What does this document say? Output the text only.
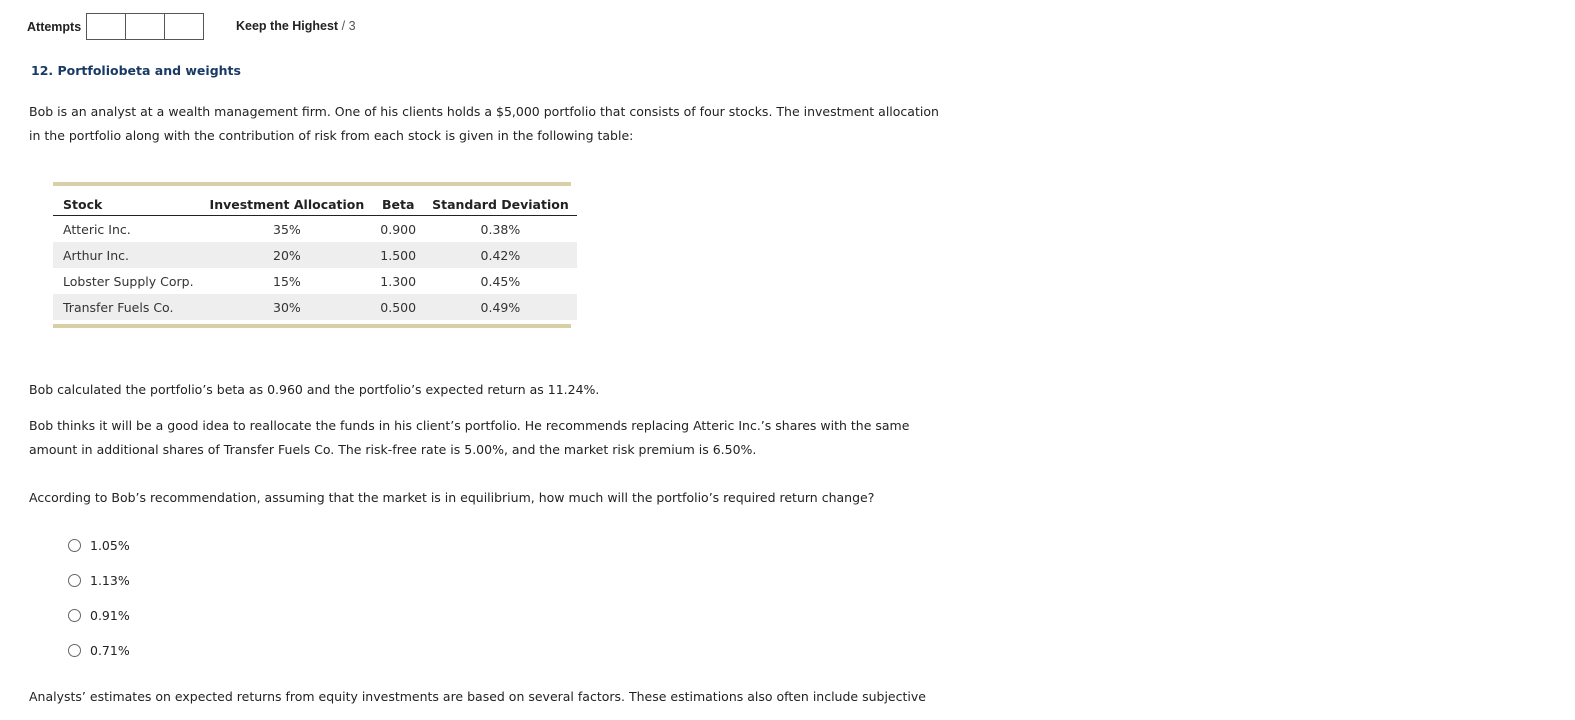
Attempts	Keep the Highest / 3
12. Portfoliobeta and weights
Bob is an analyst at a wealth management firm. One of his clients holds a $5,000 portfolio that consists of four stocks. The investment allocation
in the portfolio along with the contribution of risk from each stock is given in the following table:
Stock	Investment Allocation	Beta	Standard Deviation
Atteric Inc.	35%	0.900	0.38%
Arthur Inc.	20%	1.500	0.42%
Lobster Supply Corp.	15%	1.300	0.45%
Transfer Fuels Co.	30%	0.500	0.49%

Bob calculated the portfolio’s beta as 0.960 and the portfolio’s expected return as 11.24%.
Bob thinks it will be a good idea to reallocate the funds in his client’s portfolio. He recommends replacing Atteric Inc.’s shares with the same
amount in additional shares of Transfer Fuels Co. The risk-free rate is 5.00%, and the market risk premium is 6.50%.
According to Bob’s recommendation, assuming that the market is in equilibrium, how much will the portfolio’s required return change?
1.05%
1.13%
0.91%
0.71%
Analysts’ estimates on expected returns from equity investments are based on several factors. These estimations also often include subjective
